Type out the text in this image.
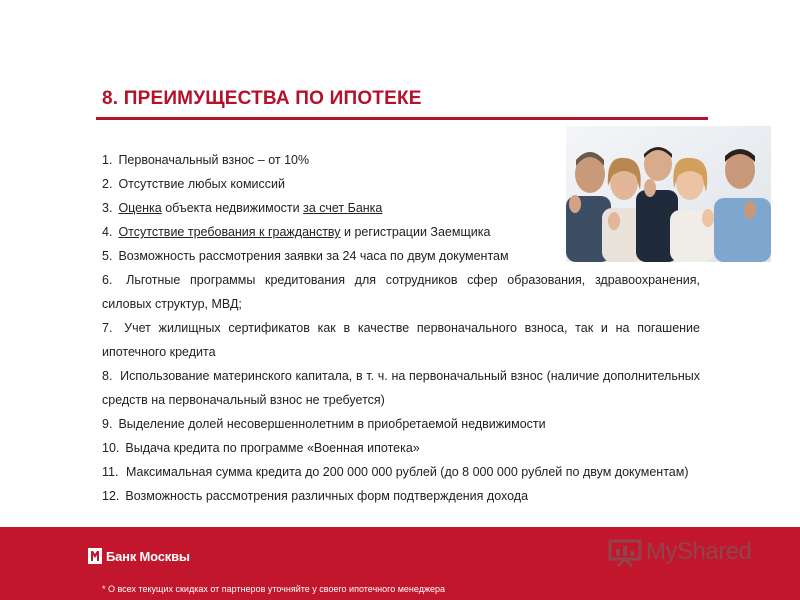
8. ПРЕИМУЩЕСТВА ПО ИПОТЕКЕ
1. Первоначальный взнос – от 10%
2. Отсутствие любых комиссий
3. Оценка объекта недвижимости за счет Банка
4. Отсутствие требования к гражданству и регистрации Заемщика
5. Возможность рассмотрения заявки за 24 часа по двум документам
6. Льготные программы кредитования для сотрудников сфер образования, здравоохранения, силовых структур, МВД;
7. Учет жилищных сертификатов как в качестве первоначального взноса, так и на погашение ипотечного кредита
8. Использование материнского капитала, в т. ч. на первоначальный взнос (наличие дополнительных средств на первоначальный взнос не требуется)
9. Выделение долей несовершеннолетним в приобретаемой недвижимости
10. Выдача кредита по программе «Военная ипотека»
11. Максимальная сумма кредита до 200 000 000 рублей (до 8 000 000 рублей по двум документам)
12. Возможность рассмотрения различных форм подтверждения дохода
Банк Москвы	MyShared
* О всех текущих скидках от партнеров уточняйте у своего ипотечного менеджера
